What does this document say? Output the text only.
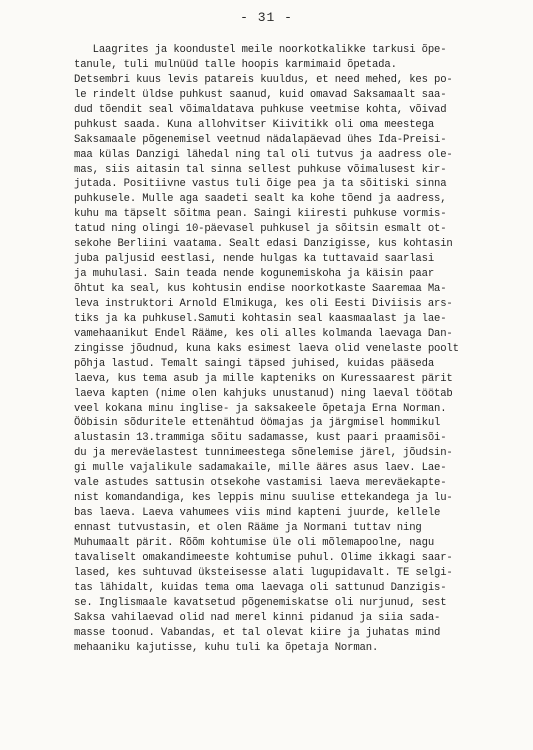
- 31 -
Laagrites ja koondustel meile noorkotkalikke tarkusi õpe-
tanule, tuli mulnüüd talle hoopis karmimaid õpetada.
Detsembri kuus levis patareis kuuldus, et need mehed, kes po-
le rindelt üldse puhkust saanud, kuid omavad Saksamaalt saa-
dud tõendit seal võimaldatava puhkuse veetmise kohta, võivad
puhkust saada. Kuna allohvitser Kiivitikk oli oma meestega
Saksamaale põgenemisel veetnud nädalapäevad ühes Ida-Preisi-
maa külas Danzigi lähedal ning tal oli tutvus ja aadress ole-
mas, siis aitasin tal sinna sellest puhkuse võimalusest kir-
jutada. Positiivne vastus tuli õige pea ja ta sõitiski sinna
puhkusele. Mulle aga saadeti sealt ka kohe tõend ja aadress,
kuhu ma täpselt sõitma pean. Saingi kiiresti puhkuse vormis-
tatud ning olingi 10-päevasel puhkusel ja sõitsin esmalt ot-
sekohe Berliini vaatama. Sealt edasi Danzigisse, kus kohtasin
juba paljusid eestlasi, nende hulgas ka tuttavaid saarlasi
ja muhulasi. Sain teada nende kogunemiskoha ja käisin paar
õhtut ka seal, kus kohtusin endise noorkotkaste Saaremaa Ma-
leva instruktori Arnold Elmikuga, kes oli Eesti Diviisis ars-
tiks ja ka puhkusel.Samuti kohtasin seal kaasmaalast ja lae-
vamehaanikut Endel Rääme, kes oli alles kolmanda laevaga Dan-
zingisse jõudnud, kuna kaks esimest laeva olid venelaste poolt
põhja lastud. Temalt saingi täpsed juhised, kuidas pääseda
laeva, kus tema asub ja mille kapteniks on Kuressaarest pärit
laeva kapten (nime olen kahjuks unustanud) ning laeval töötab
veel kokana minu inglise- ja saksakeele õpetaja Erna Norman.
Ööbisin sõduritele ettenähtud öömajas ja järgmisel hommikul
alustasin 13.trammiga sõitu sadamasse, kust paari praamisõi-
du ja mereväelastest tunnimeestega sõnelemise järel, jõudsin-
gi mulle vajalikule sadamakaile, mille ääres asus laev. Lae-
vale astudes sattusin otsekohe vastamisi laeva mereväekapte-
nist komandandiga, kes leppis minu suulise ettekandega ja lu-
bas laeva. Laeva vahumees viis mind kapteni juurde, kellele
ennast tutvustasin, et olen Rääme ja Normani tuttav ning
Muhumaalt pärit. Rõõm kohtumise üle oli mõlemapoolne, nagu
tavaliselt omakandimeeste kohtumise puhul. Olime ikkagi saar-
lased, kes suhtuvad üksteisesse alati lugupidavalt. TE selgi-
tas lähidalt, kuidas tema oma laevaga oli sattunud Danzigis-
se. Inglismaale kavatsetud põgenemiskatse oli nurjunud, sest
Saksa vahilaevad olid nad merel kinni pidanud ja siia sada-
masse toonud. Vabandas, et tal olevat kiire ja juhatas mind
mehaaniku kajutisse, kuhu tuli ka õpetaja Norman.
